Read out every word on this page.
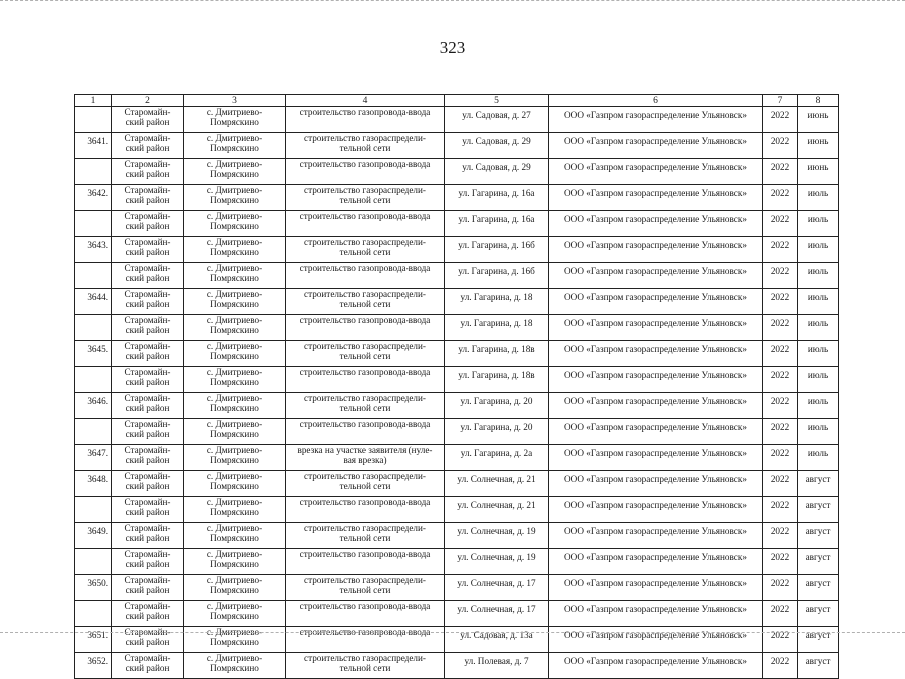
323
1	2	3	4	5	6	7	8

	Старомайн-
ский район	с. Дмитриево-
Помряскино	строительство газопровода-ввода	ул. Садовая, д. 27	ООО «Газпром газораспределение Ульяновск»	2022	июнь
3641.	Старомайн-
ский район	с. Дмитриево-
Помряскино	строительство газораспредели-
тельной сети	ул. Садовая, д. 29	ООО «Газпром газораспределение Ульяновск»	2022	июнь

	Старомайн-
ский район	с. Дмитриево-
Помряскино	строительство газопровода-ввода	ул. Садовая, д. 29	ООО «Газпром газораспределение Ульяновск»	2022	июнь
3642.	Старомайн-
ский район	с. Дмитриево-
Помряскино	строительство газораспредели-
тельной сети	ул. Гагарина, д. 16а	ООО «Газпром газораспределение Ульяновск»	2022	июль

	Старомайн-
ский район	с. Дмитриево-
Помряскино	строительство газопровода-ввода	ул. Гагарина, д. 16а	ООО «Газпром газораспределение Ульяновск»	2022	июль
3643.	Старомайн-
ский район	с. Дмитриево-
Помряскино	строительство газораспредели-
тельной сети	ул. Гагарина, д. 16б	ООО «Газпром газораспределение Ульяновск»	2022	июль

	Старомайн-
ский район	с. Дмитриево-
Помряскино	строительство газопровода-ввода	ул. Гагарина, д. 16б	ООО «Газпром газораспределение Ульяновск»	2022	июль
3644.	Старомайн-
ский район	с. Дмитриево-
Помряскино	строительство газораспредели-
тельной сети	ул. Гагарина, д. 18	ООО «Газпром газораспределение Ульяновск»	2022	июль

	Старомайн-
ский район	с. Дмитриево-
Помряскино	строительство газопровода-ввода	ул. Гагарина, д. 18	ООО «Газпром газораспределение Ульяновск»	2022	июль
3645.	Старомайн-
ский район	с. Дмитриево-
Помряскино	строительство газораспредели-
тельной сети	ул. Гагарина, д. 18в	ООО «Газпром газораспределение Ульяновск»	2022	июль

	Старомайн-
ский район	с. Дмитриево-
Помряскино	строительство газопровода-ввода	ул. Гагарина, д. 18в	ООО «Газпром газораспределение Ульяновск»	2022	июль
3646.	Старомайн-
ский район	с. Дмитриево-
Помряскино	строительство газораспредели-
тельной сети	ул. Гагарина, д. 20	ООО «Газпром газораспределение Ульяновск»	2022	июль

	Старомайн-
ский район	с. Дмитриево-
Помряскино	строительство газопровода-ввода	ул. Гагарина, д. 20	ООО «Газпром газораспределение Ульяновск»	2022	июль
3647.	Старомайн-
ский район	с. Дмитриево-
Помряскино	врезка на участке заявителя (нуле-
вая врезка)	ул. Гагарина, д. 2а	ООО «Газпром газораспределение Ульяновск»	2022	июль
3648.	Старомайн-
ский район	с. Дмитриево-
Помряскино	строительство газораспредели-
тельной сети	ул. Солнечная, д. 21	ООО «Газпром газораспределение Ульяновск»	2022	август

	Старомайн-
ский район	с. Дмитриево-
Помряскино	строительство газопровода-ввода	ул. Солнечная, д. 21	ООО «Газпром газораспределение Ульяновск»	2022	август
3649.	Старомайн-
ский район	с. Дмитриево-
Помряскино	строительство газораспредели-
тельной сети	ул. Солнечная, д. 19	ООО «Газпром газораспределение Ульяновск»	2022	август

	Старомайн-
ский район	с. Дмитриево-
Помряскино	строительство газопровода-ввода	ул. Солнечная, д. 19	ООО «Газпром газораспределение Ульяновск»	2022	август
3650.	Старомайн-
ский район	с. Дмитриево-
Помряскино	строительство газораспредели-
тельной сети	ул. Солнечная, д. 17	ООО «Газпром газораспределение Ульяновск»	2022	август

	Старомайн-
ский район	с. Дмитриево-
Помряскино	строительство газопровода-ввода	ул. Солнечная, д. 17	ООО «Газпром газораспределение Ульяновск»	2022	август
3651.	Старомайн-
ский район	с. Дмитриево-
Помряскино	строительство газопровода-ввода	ул. Садовая, д. 13а	ООО «Газпром газораспределение Ульяновск»	2022	август
3652.	Старомайн-
ский район	с. Дмитриево-
Помряскино	строительство газораспредели-
тельной сети	ул. Полевая, д. 7	ООО «Газпром газораспределение Ульяновск»	2022	август
